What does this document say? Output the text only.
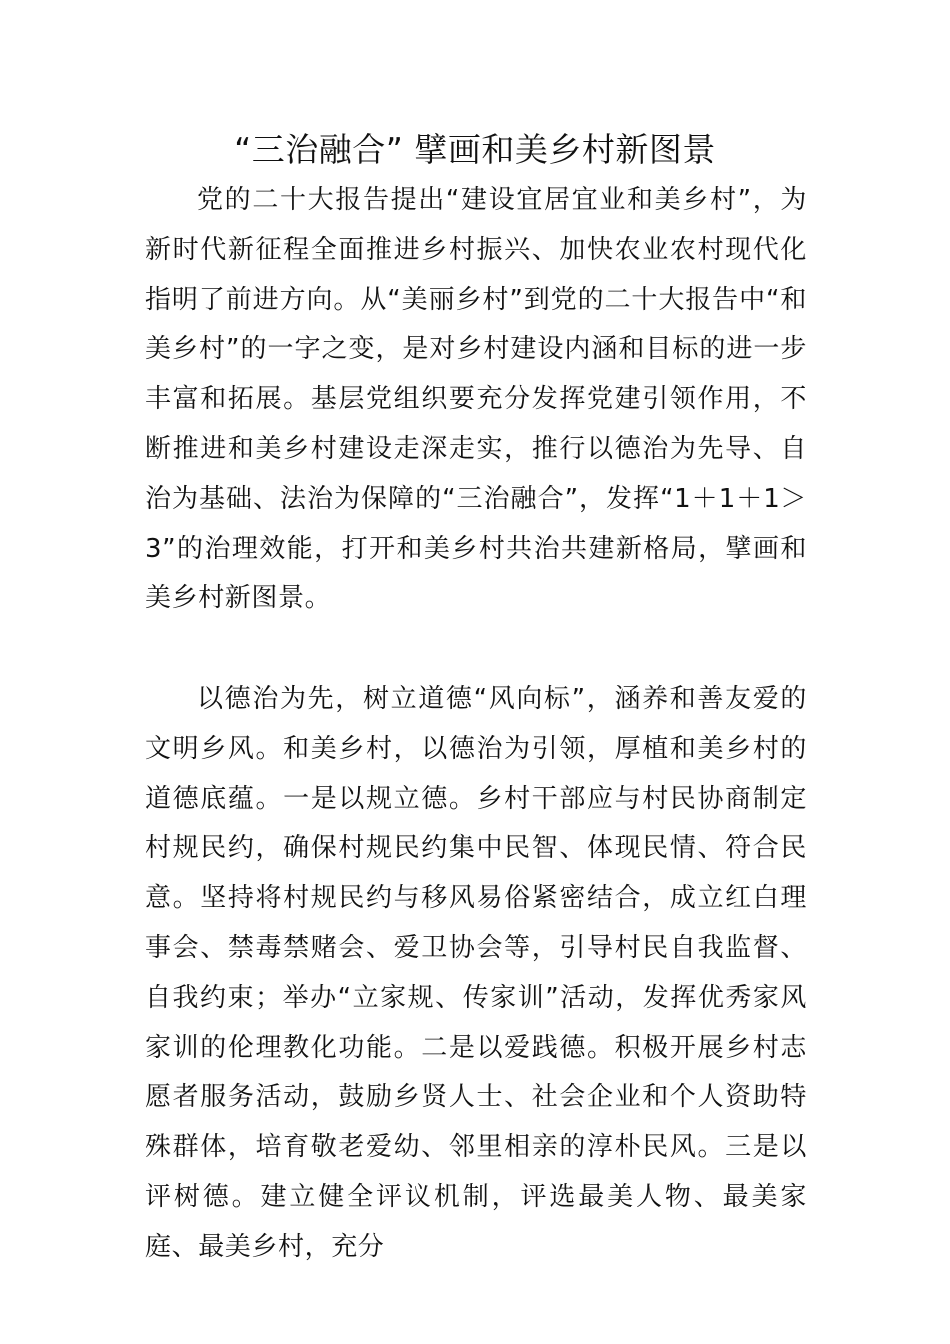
“三治融合” 擘画和美乡村新图景

党的二十大报告提出“建设宜居宜业和美乡村”，为新时代新征程全面推进乡村振兴、加快农业农村现代化指明了前进方向。从“美丽乡村”到党的二十大报告中“和美乡村”的一字之变，是对乡村建设内涵和目标的进一步丰富和拓展。基层党组织要充分发挥党建引领作用，不断推进和美乡村建设走深走实，推行以德治为先导、自治为基础、法治为保障的“三治融合”，发挥“1＋1＋1＞3”的治理效能，打开和美乡村共治共建新格局，擘画和美乡村新图景。

以德治为先，树立道德“风向标”，涵养和善友爱的文明乡风。和美乡村，以德治为引领，厚植和美乡村的道德底蕴。一是以规立德。乡村干部应与村民协商制定村规民约，确保村规民约集中民智、体现民情、符合民意。坚持将村规民约与移风易俗紧密结合，成立红白理事会、禁毒禁赌会、爱卫协会等，引导村民自我监督、自我约束；举办“立家规、传家训”活动，发挥优秀家风家训的伦理教化功能。二是以爱践德。积极开展乡村志愿者服务活动，鼓励乡贤人士、社会企业和个人资助特殊群体，培育敬老爱幼、邻里相亲的淳朴民风。三是以评树德。建立健全评议机制，评选最美人物、最美家庭、最美乡村，充分
